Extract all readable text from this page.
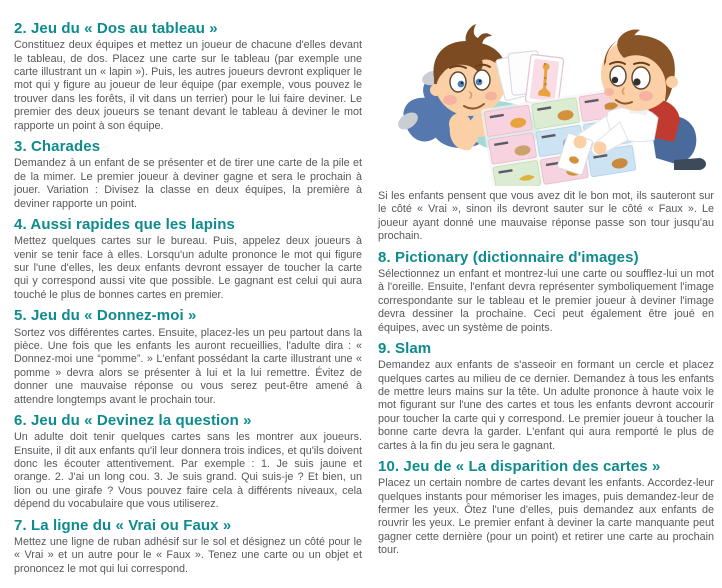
2. Jeu du « Dos au tableau »

Constituez deux équipes et mettez un joueur de chacune d'elles devant le tableau, de dos. Placez une carte sur le tableau (par exemple une carte illustrant un « lapin »). Puis, les autres joueurs devront expliquer le mot qui y figure au joueur de leur équipe (par exemple, vous pouvez le trouver dans les forêts, il vit dans un terrier) pour le lui faire deviner. Le premier des deux joueurs se tenant devant le tableau à deviner le mot rapporte un point à son équipe.

3. Charades

Demandez à un enfant de se présenter et de tirer une carte de la pile et de la mimer. Le premier joueur à deviner gagne et sera le prochain à jouer. Variation : Divisez la classe en deux équipes, la première à deviner rapporte un point.

4. Aussi rapides que les lapins

Mettez quelques cartes sur le bureau. Puis, appelez deux joueurs à venir se tenir face à elles. Lorsqu'un adulte prononce le mot qui figure sur l'une d'elles, les deux enfants devront essayer de toucher la carte qui y correspond aussi vite que possible. Le gagnant est celui qui aura touché le plus de bonnes cartes en premier.

5. Jeu du « Donnez-moi »

Sortez vos différentes cartes. Ensuite, placez-les un peu partout dans la pièce. Une fois que les enfants les auront recueillies, l'adulte dira : « Donnez-moi une “pomme”. » L'enfant possédant la carte illustrant une « pomme » devra alors se présenter à lui et la lui remettre. Évitez de donner une mauvaise réponse ou vous serez peut-être amené à attendre longtemps avant le prochain tour.

6. Jeu du « Devinez la question »

Un adulte doit tenir quelques cartes sans les montrer aux joueurs. Ensuite, il dit aux enfants qu'il leur donnera trois indices, et qu'ils doivent donc les écouter attentivement. Par exemple : 1. Je suis jaune et orange. 2. J'ai un long cou. 3. Je suis grand. Qui suis-je ? Et bien, un lion ou une girafe ? Vous pouvez faire cela à différents niveaux, cela dépend du vocabulaire que vous utiliserez.

7. La ligne du « Vrai ou Faux »

Mettez une ligne de ruban adhésif sur le sol et désignez un côté pour le « Vrai » et un autre pour le « Faux ». Tenez une carte ou un objet et prononcez le mot qui lui correspond.

Si les enfants pensent que vous avez dit le bon mot, ils sauteront sur le côté « Vrai », sinon ils devront sauter sur le côté « Faux ». Le joueur ayant donné une mauvaise réponse passe son tour jusqu'au prochain.

8. Pictionary (dictionnaire d'images)

Sélectionnez un enfant et montrez-lui une carte ou soufflez-lui un mot à l'oreille. Ensuite, l'enfant devra représenter symboliquement l'image correspondante sur le tableau et le premier joueur à deviner l'image devra dessiner la prochaine. Ceci peut également être joué en équipes, avec un système de points.

9. Slam

Demandez aux enfants de s'asseoir en formant un cercle et placez quelques cartes au milieu de ce dernier. Demandez à tous les enfants de mettre leurs mains sur la tête. Un adulte prononce à haute voix le mot figurant sur l'une des cartes et tous les enfants devront accourir pour toucher la carte qui y correspond. Le premier joueur à toucher la bonne carte devra la garder. L'enfant qui aura remporté le plus de cartes à la fin du jeu sera le gagnant.

10. Jeu de « La disparition des cartes »

Placez un certain nombre de cartes devant les enfants. Accordez-leur quelques instants pour mémoriser les images, puis demandez-leur de fermer les yeux. Ôtez l'une d'elles, puis demandez aux enfants de rouvrir les yeux. Le premier enfant à deviner la carte manquante peut gagner cette dernière (pour un point) et retirer une carte au prochain tour.
